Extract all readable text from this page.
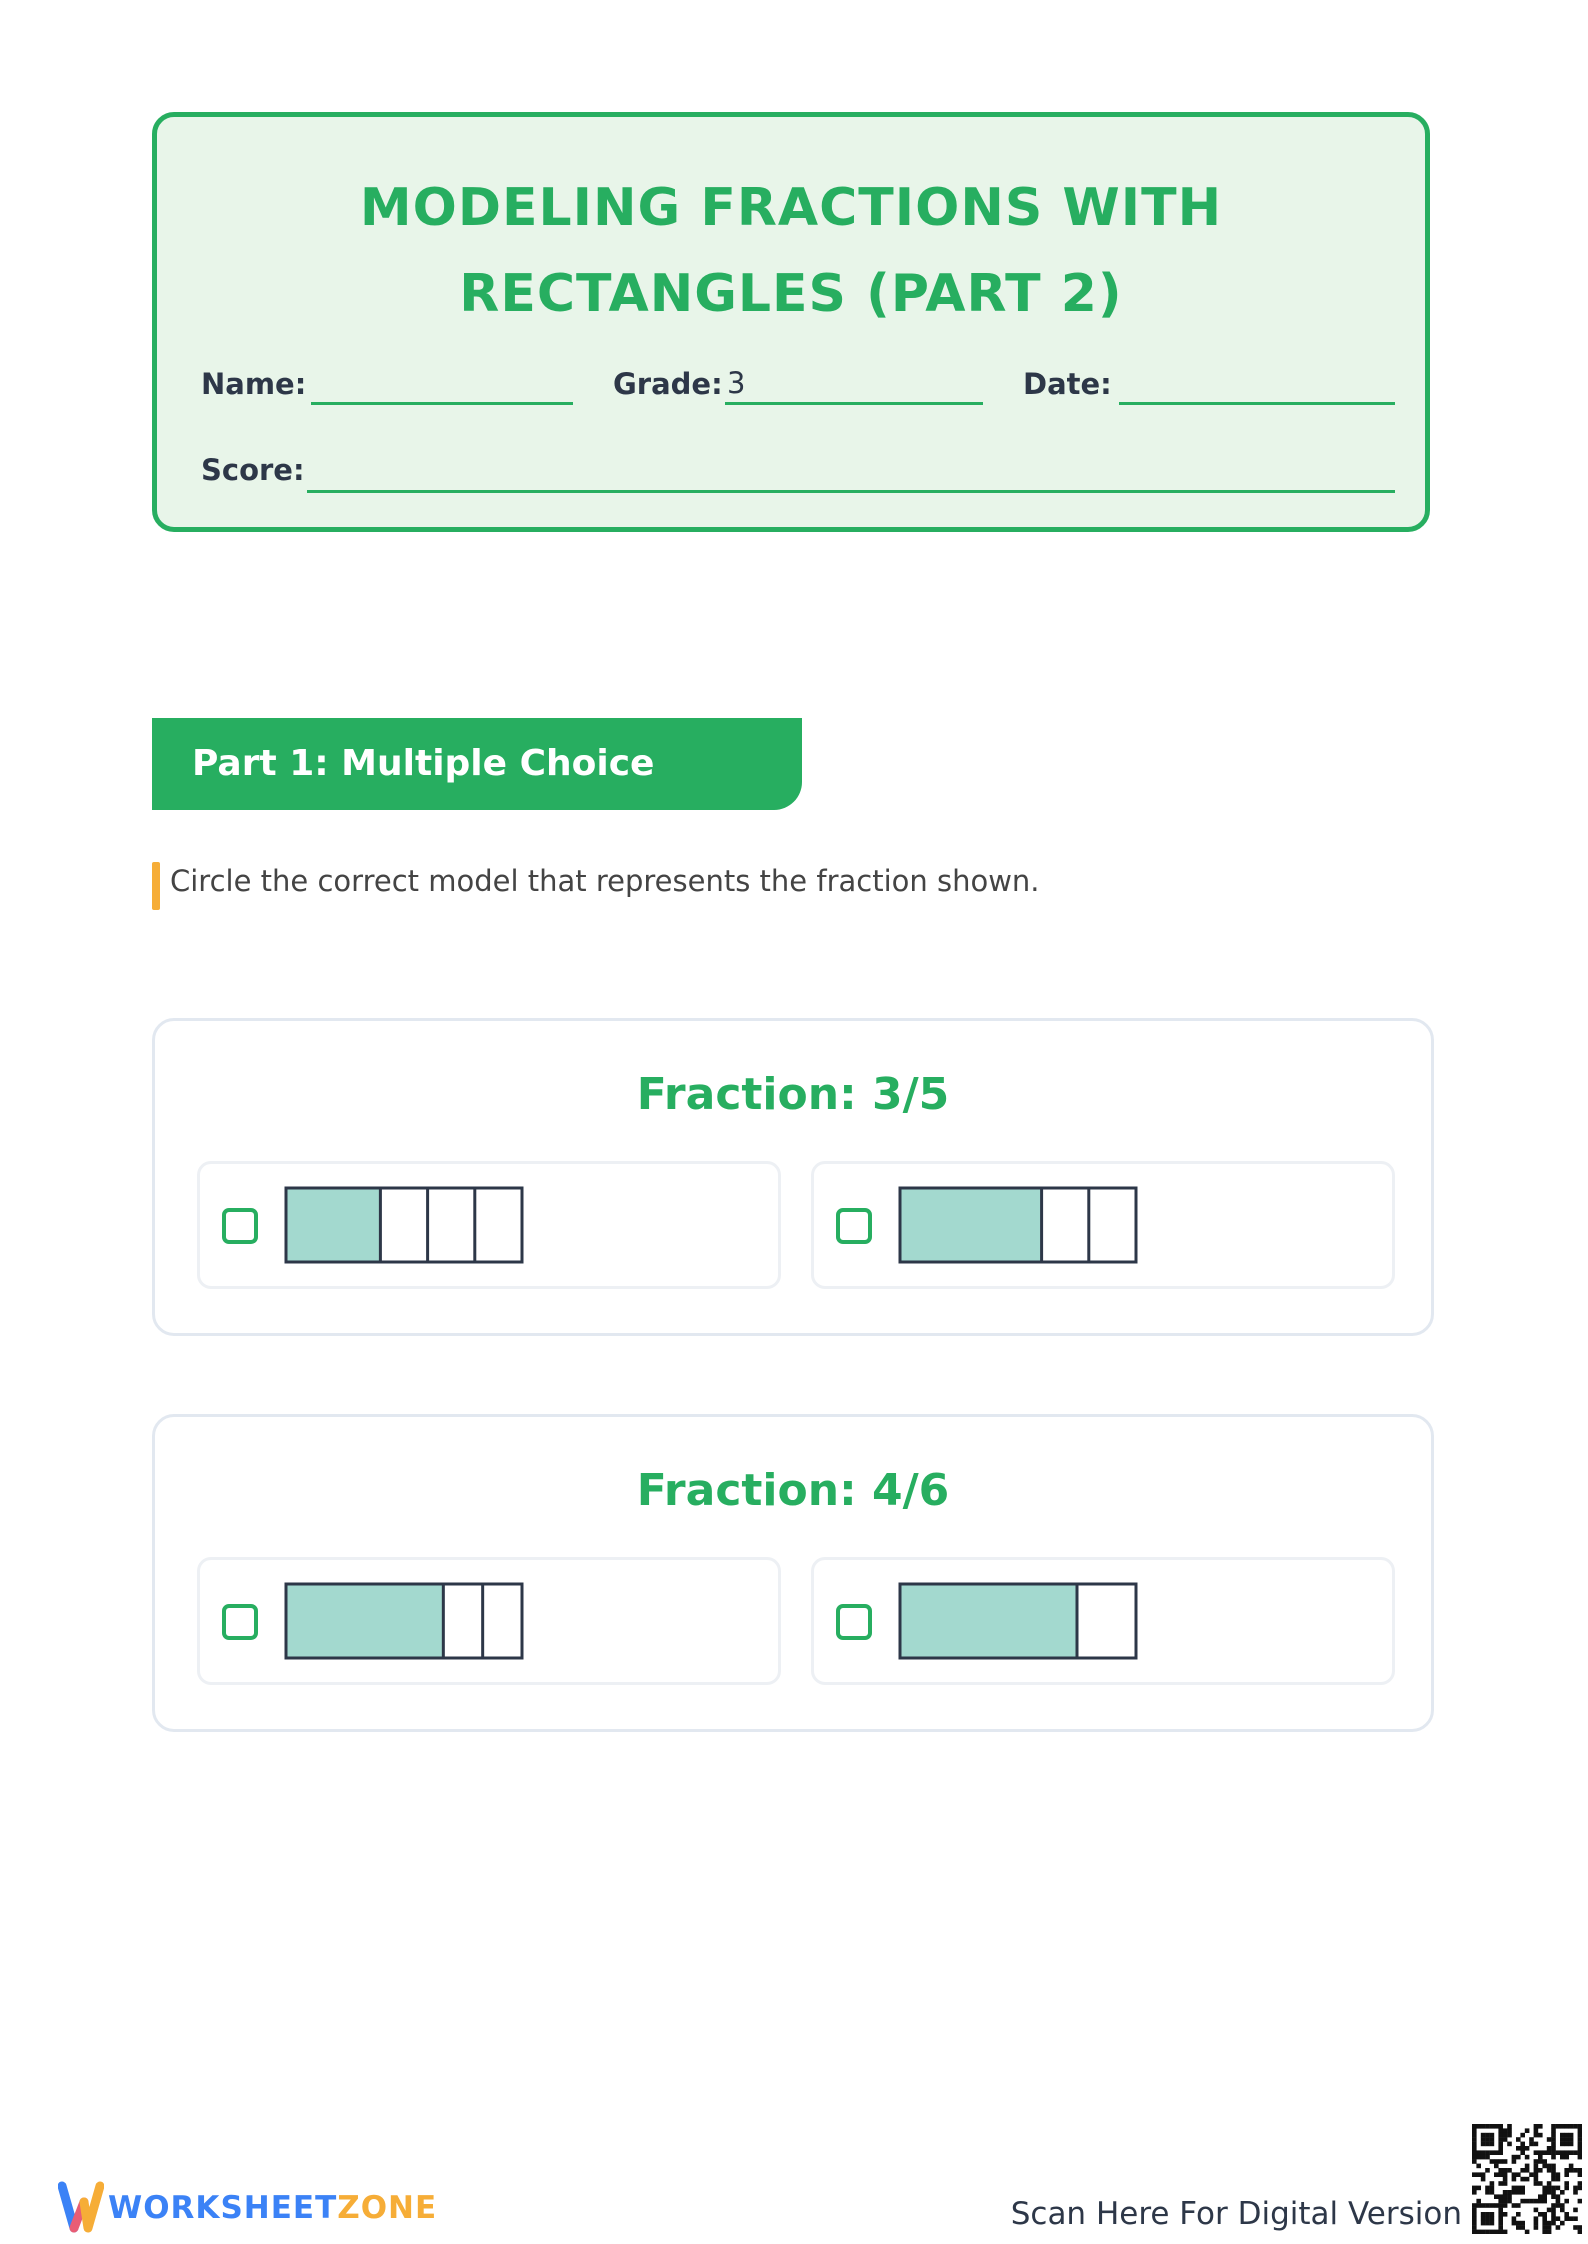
MODELING FRACTIONS WITH
RECTANGLES (PART 2)
Name:	Grade: 3	Date:
Score:
Part 1: Multiple Choice Models
Circle the correct model that represents the fraction shown.
Fraction: 3/5
Fraction: 4/6
WORKSHEETZONE	Scan Here For Digital Version
